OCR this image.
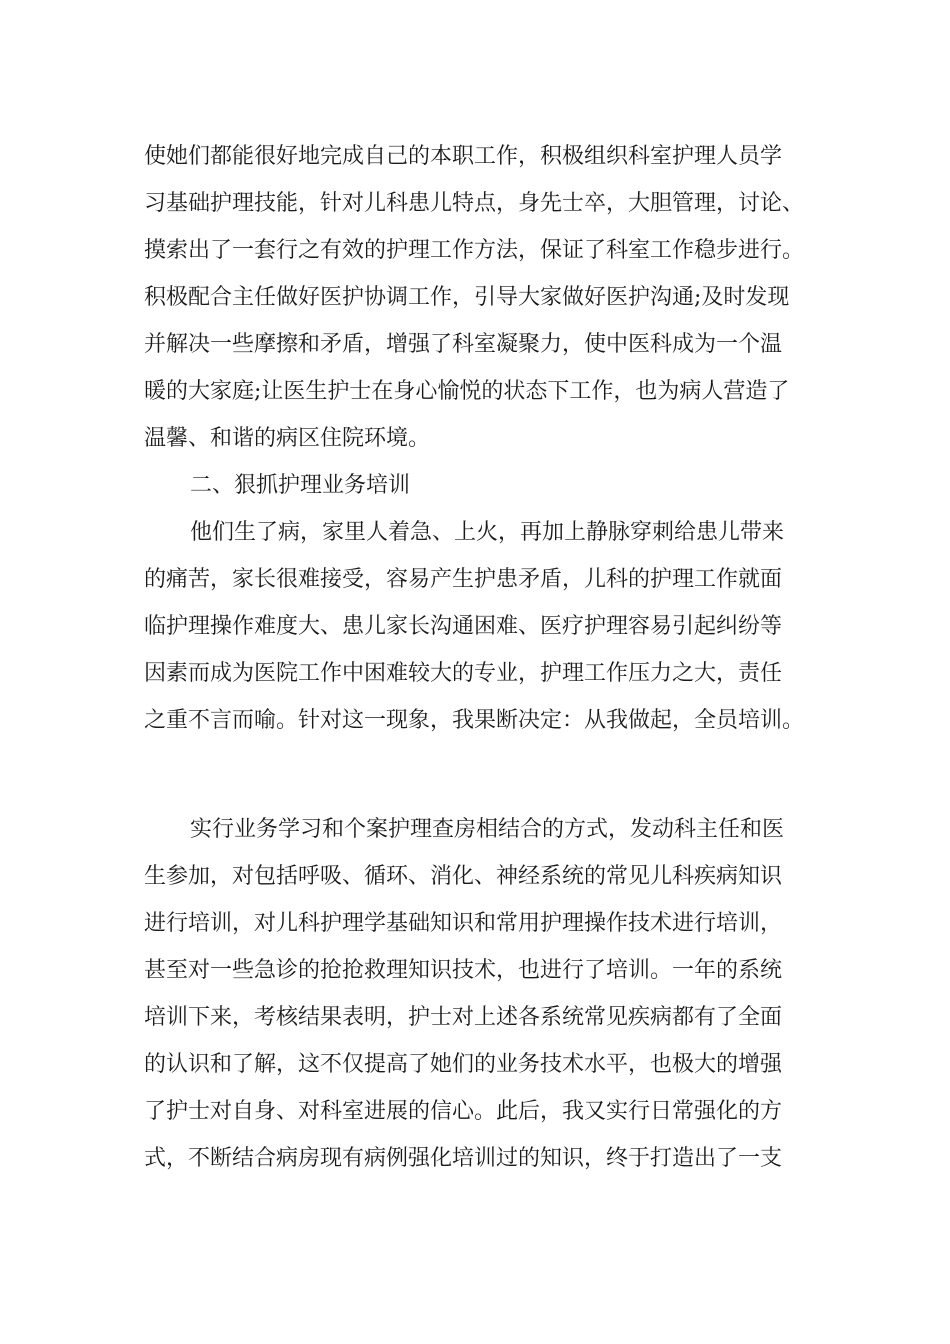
使她们都能很好地完成自己的本职工作，积极组织科室护理人员学
习基础护理技能，针对儿科患儿特点，身先士卒，大胆管理，讨论、
摸索出了一套行之有效的护理工作方法，保证了科室工作稳步进行。
积极配合主任做好医护协调工作，引导大家做好医护沟通;及时发现
并解决一些摩擦和矛盾，增强了科室凝聚力，使中医科成为一个温
暖的大家庭;让医生护士在身心愉悦的状态下工作，也为病人营造了
温馨、和谐的病区住院环境。
二、狠抓护理业务培训
他们生了病，家里人着急、上火，再加上静脉穿刺给患儿带来
的痛苦，家长很难接受，容易产生护患矛盾，儿科的护理工作就面
临护理操作难度大、患儿家长沟通困难、医疗护理容易引起纠纷等
因素而成为医院工作中困难较大的专业，护理工作压力之大，责任
之重不言而喻。针对这一现象，我果断决定：从我做起，全员培训。
实行业务学习和个案护理查房相结合的方式，发动科主任和医
生参加，对包括呼吸、循环、消化、神经系统的常见儿科疾病知识
进行培训，对儿科护理学基础知识和常用护理操作技术进行培训，
甚至对一些急诊的抢抢救理知识技术，也进行了培训。一年的系统
培训下来，考核结果表明，护士对上述各系统常见疾病都有了全面
的认识和了解，这不仅提高了她们的业务技术水平，也极大的增强
了护士对自身、对科室进展的信心。此后，我又实行日常强化的方
式，不断结合病房现有病例强化培训过的知识，终于打造出了一支
